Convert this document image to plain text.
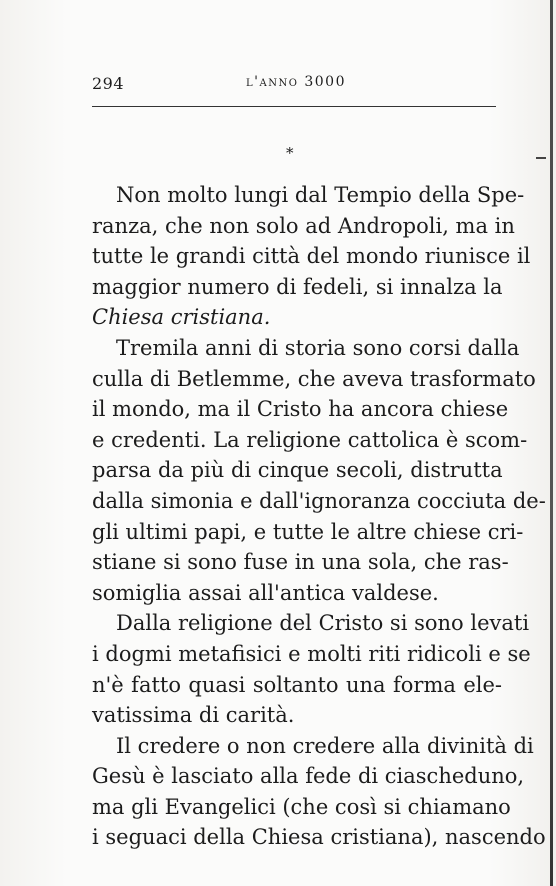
294	l'anno 3000
*
Non molto lungi dal Tempio della Spe-
ranza, che non solo ad Andropoli, ma in
tutte le grandi città del mondo riunisce il
maggior numero di fedeli, si innalza la
Chiesa cristiana.
Tremila anni di storia sono corsi dalla
culla di Betlemme, che aveva trasformato
il mondo, ma il Cristo ha ancora chiese
e credenti. La religione cattolica è scom-
parsa da più di cinque secoli, distrutta
dalla simonia e dall'ignoranza cocciuta de-
gli ultimi papi, e tutte le altre chiese cri-
stiane si sono fuse in una sola, che ras-
somiglia assai all'antica valdese.
Dalla religione del Cristo si sono levati
i dogmi metafisici e molti riti ridicoli e se
n'è fatto quasi soltanto una forma ele-
vatissima di carità.
Il credere o non credere alla divinità di
Gesù è lasciato alla fede di ciascheduno,
ma gli Evangelici (che così si chiamano
i seguaci della Chiesa cristiana), nascendo
